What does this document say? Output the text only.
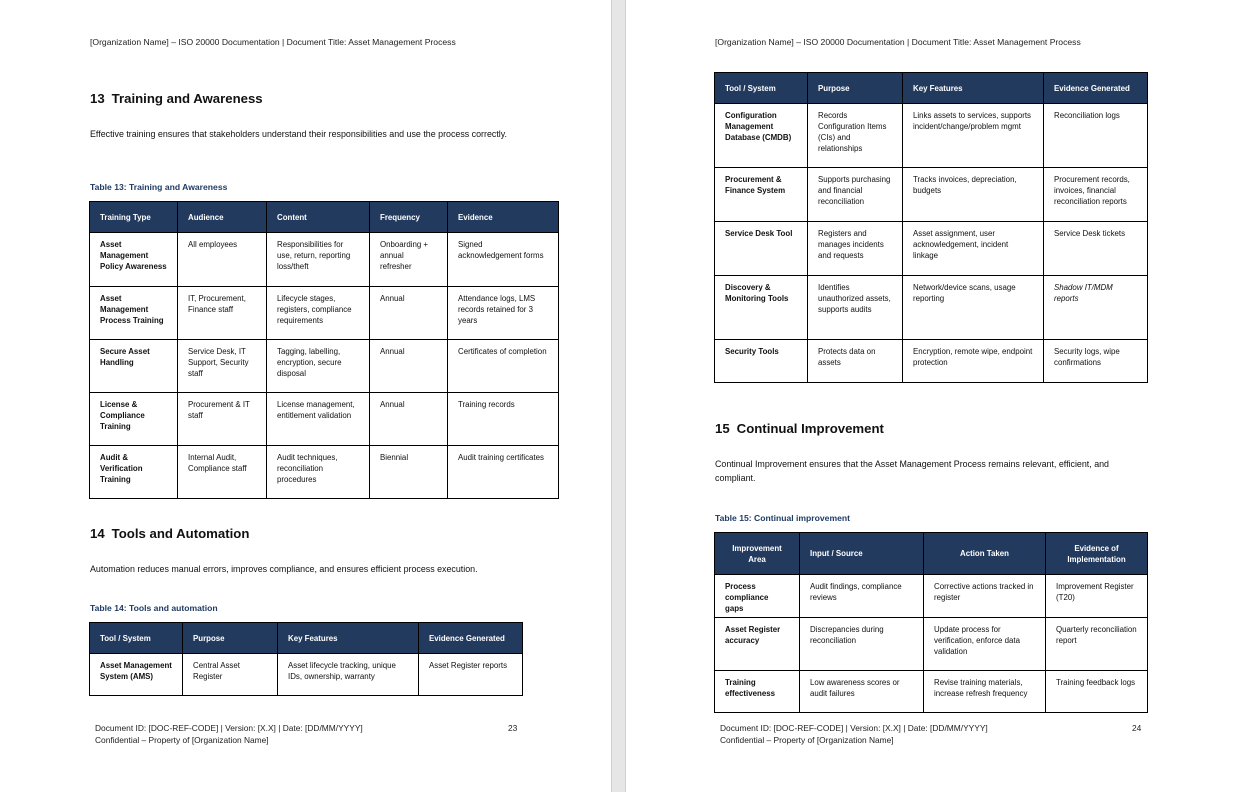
[Organization Name] – ISO 20000 Documentation | Document Title: Asset Management Process
13 Training and Awareness
Effective training ensures that stakeholders understand their responsibilities and use the process correctly.
Table 13: Training and Awareness
Training Type	Audience	Content	Frequency	Evidence
Asset Management Policy Awareness	All employees	Responsibilities for use, return, reporting loss/theft	Onboarding + annual refresher	Signed acknowledgement forms
Asset Management Process Training	IT, Procurement, Finance staff	Lifecycle stages, registers, compliance requirements	Annual	Attendance logs, LMS records retained for 3 years
Secure Asset Handling	Service Desk, IT Support, Security staff	Tagging, labelling, encryption, secure disposal	Annual	Certificates of completion
License & Compliance Training	Procurement & IT staff	License management, entitlement validation	Annual	Training records
Audit & Verification Training	Internal Audit, Compliance staff	Audit techniques, reconciliation procedures	Biennial	Audit training certificates
14 Tools and Automation
Automation reduces manual errors, improves compliance, and ensures efficient process execution.
Table 14: Tools and automation
Tool / System	Purpose	Key Features	Evidence Generated
Asset Management System (AMS)	Central Asset Register	Asset lifecycle tracking, unique IDs, ownership, warranty	Asset Register reports
Document ID: [DOC-REF-CODE] | Version: [X.X] | Date: [DD/MM/YYYY]
Confidential – Property of [Organization Name]
23
[Organization Name] – ISO 20000 Documentation | Document Title: Asset Management Process
Tool / System	Purpose	Key Features	Evidence Generated
Configuration Management Database (CMDB)	Records Configuration Items (CIs) and relationships	Links assets to services, supports incident/change/problem mgmt	Reconciliation logs
Procurement & Finance System	Supports purchasing and financial reconciliation	Tracks invoices, depreciation, budgets	Procurement records, invoices, financial reconciliation reports
Service Desk Tool	Registers and manages incidents and requests	Asset assignment, user acknowledgement, incident linkage	Service Desk tickets
Discovery & Monitoring Tools	Identifies unauthorized assets, supports audits	Network/device scans, usage reporting	Shadow IT/MDM reports
Security Tools	Protects data on assets	Encryption, remote wipe, endpoint protection	Security logs, wipe confirmations
15 Continual Improvement
Continual Improvement ensures that the Asset Management Process remains relevant, efficient, and compliant.
Table 15: Continual improvement
Improvement Area	Input / Source	Action Taken	Evidence of Implementation
Process compliance gaps	Audit findings, compliance reviews	Corrective actions tracked in register	Improvement Register (T20)
Asset Register accuracy	Discrepancies during reconciliation	Update process for verification, enforce data validation	Quarterly reconciliation report
Training effectiveness	Low awareness scores or audit failures	Revise training materials, increase refresh frequency	Training feedback logs
Document ID: [DOC-REF-CODE] | Version: [X.X] | Date: [DD/MM/YYYY]
Confidential – Property of [Organization Name]
24
